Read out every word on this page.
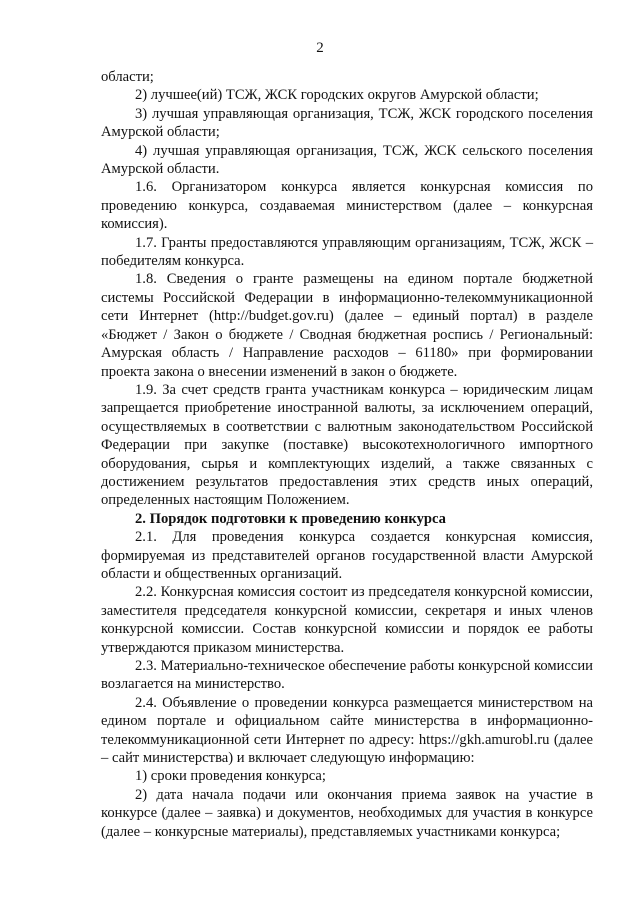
2

области;

2) лучшее(ий) ТСЖ, ЖСК городских округов Амурской области;

3) лучшая управляющая организация, ТСЖ, ЖСК городского поселения Амурской области;

4) лучшая управляющая организация, ТСЖ, ЖСК сельского поселения Амурской области.

1.6. Организатором конкурса является конкурсная комиссия по проведению конкурса, создаваемая министерством (далее – конкурсная комиссия).

1.7. Гранты предоставляются управляющим организациям, ТСЖ, ЖСК – победителям конкурса.

1.8. Сведения о гранте размещены на едином портале бюджетной системы Российской Федерации в информационно-телекоммуникационной сети Интернет (http://budget.gov.ru) (далее – единый портал) в разделе «Бюджет / Закон о бюджете / Сводная бюджетная роспись / Региональный: Амурская область / Направление расходов – 61180» при формировании проекта закона о внесении изменений в закон о бюджете.

1.9. За счет средств гранта участникам конкурса – юридическим лицам запрещается приобретение иностранной валюты, за исключением операций, осуществляемых в соответствии с валютным законодательством Российской Федерации при закупке (поставке) высокотехнологичного импортного оборудования, сырья и комплектующих изделий, а также связанных с достижением результатов предоставления этих средств иных операций, определенных настоящим Положением.

2. Порядок подготовки к проведению конкурса

2.1. Для проведения конкурса создается конкурсная комиссия, формируемая из представителей органов государственной власти Амурской области и общественных организаций.

2.2. Конкурсная комиссия состоит из председателя конкурсной комиссии, заместителя председателя конкурсной комиссии, секретаря и иных членов конкурсной комиссии. Состав конкурсной комиссии и порядок ее работы утверждаются приказом министерства.

2.3. Материально-техническое обеспечение работы конкурсной комиссии возлагается на министерство.

2.4. Объявление о проведении конкурса размещается министерством на едином портале и официальном сайте министерства в информационно-телекоммуникационной сети Интернет по адресу: https://gkh.amurobl.ru (далее – сайт министерства) и включает следующую информацию:

1) сроки проведения конкурса;

2) дата начала подачи или окончания приема заявок на участие в конкурсе (далее – заявка) и документов, необходимых для участия в конкурсе (далее – конкурсные материалы), представляемых участниками конкурса;
